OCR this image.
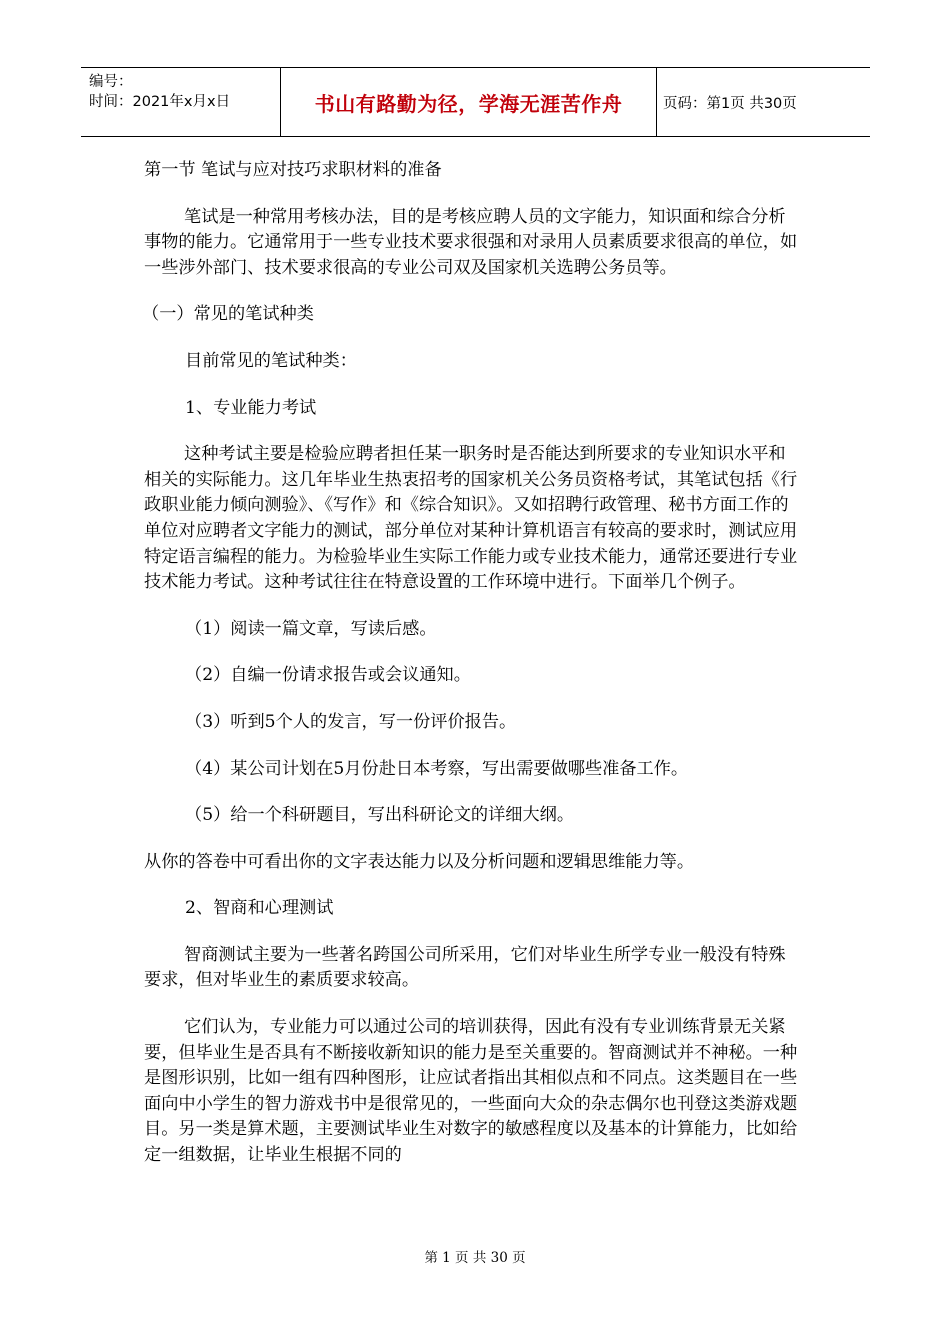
编号：
时间：2021年x月x日	书山有路勤为径，学海无涯苦作舟	页码：第1页 共30页

第一节 笔试与应对技巧求职材料的准备

笔试是一种常用考核办法，目的是考核应聘人员的文字能力，知识面和综合分析事物的能力。它通常用于一些专业技术要求很强和对录用人员素质要求很高的单位，如一些涉外部门、技术要求很高的专业公司双及国家机关选聘公务员等。

（一）常见的笔试种类

目前常见的笔试种类：

1、专业能力考试

这种考试主要是检验应聘者担任某一职务时是否能达到所要求的专业知识水平和相关的实际能力。这几年毕业生热衷招考的国家机关公务员资格考试，其笔试包括《行政职业能力倾向测验》、《写作》和《综合知识》。又如招聘行政管理、秘书方面工作的单位对应聘者文字能力的测试，部分单位对某种计算机语言有较高的要求时，测试应用特定语言编程的能力。为检验毕业生实际工作能力或专业技术能力，通常还要进行专业技术能力考试。这种考试往往在特意设置的工作环境中进行。下面举几个例子。

（1）阅读一篇文章，写读后感。

（2）自编一份请求报告或会议通知。

（3）听到5个人的发言，写一份评价报告。

（4）某公司计划在5月份赴日本考察，写出需要做哪些准备工作。

（5）给一个科研题目，写出科研论文的详细大纲。

从你的答卷中可看出你的文字表达能力以及分析问题和逻辑思维能力等。

2、智商和心理测试

智商测试主要为一些著名跨国公司所采用，它们对毕业生所学专业一般没有特殊要求，但对毕业生的素质要求较高。

它们认为，专业能力可以通过公司的培训获得，因此有没有专业训练背景无关紧要，但毕业生是否具有不断接收新知识的能力是至关重要的。智商测试并不神秘。一种是图形识别，比如一组有四种图形，让应试者指出其相似点和不同点。这类题目在一些面向中小学生的智力游戏书中是很常见的，一些面向大众的杂志偶尔也刊登这类游戏题目。另一类是算术题，主要测试毕业生对数字的敏感程度以及基本的计算能力，比如给定一组数据，让毕业生根据不同的

第 1 页 共 30 页
